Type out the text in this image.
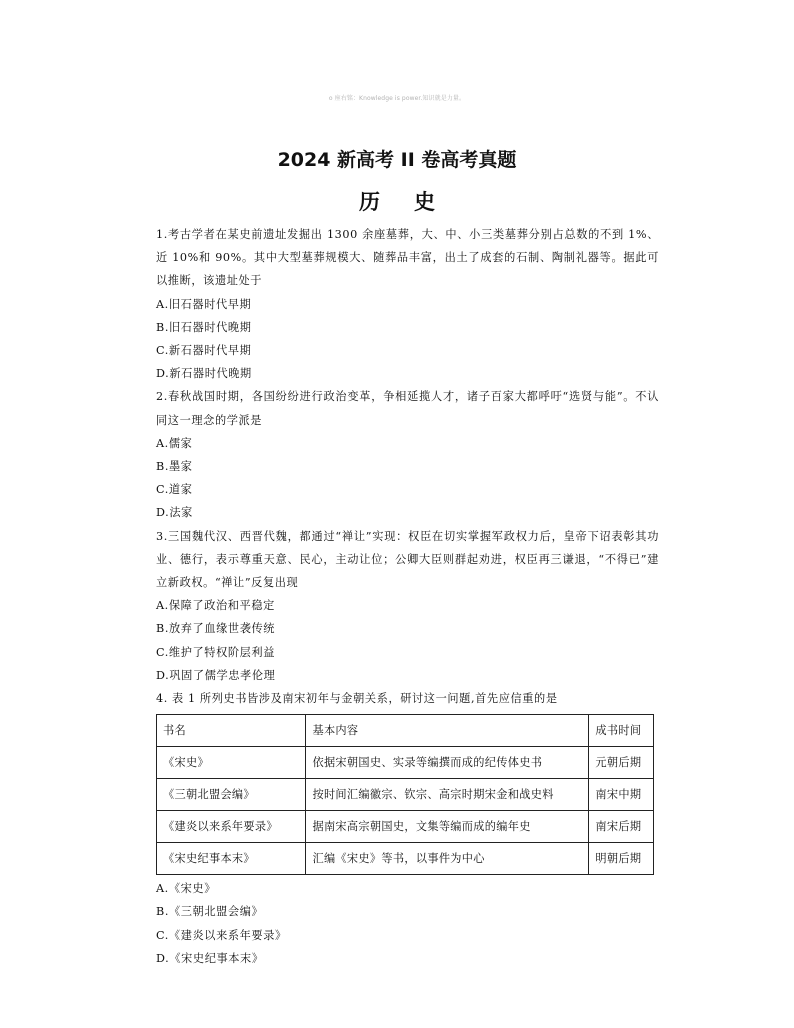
o 座右铭：Knowledge is power.知识就是力量。
2024 新高考 II 卷高考真题
历史

1.考古学者在某史前遗址发掘出 1300 余座墓葬，大、中、小三类墓葬分别占总数的不到 1%、近 10%和 90%。其中大型墓葬规模大、随葬品丰富，出土了成套的石制、陶制礼器等。据此可以推断，该遗址处于

A.旧石器时代早期

B.旧石器时代晚期

C.新石器时代早期

D.新石器时代晚期

2.春秋战国时期，各国纷纷进行政治变革，争相延揽人才，诸子百家大都呼吁“选贤与能”。不认同这一理念的学派是

A.儒家

B.墨家

C.道家

D.法家

3.三国魏代汉、西晋代魏，都通过“禅让”实现：权臣在切实掌握军政权力后，皇帝下诏表彰其功业、德行，表示尊重天意、民心，主动让位；公卿大臣则群起劝进，权臣再三谦退，“不得已”建立新政权。“禅让”反复出现

A.保障了政治和平稳定

B.放弃了血缘世袭传统

C.维护了特权阶层利益

D.巩固了儒学忠孝伦理

4. 表 1 所列史书皆涉及南宋初年与金朝关系，研讨这一问题,首先应信重的是

书名	基本内容	成书时间
《宋史》	依据宋朝国史、实录等编撰而成的纪传体史书	元朝后期
《三朝北盟会编》	按时间汇编徽宗、钦宗、高宗时期宋金和战史料	南宋中期
《建炎以来系年要录》	据南宋高宗朝国史，文集等编而成的编年史	南宋后期
《宋史纪事本末》	汇编《宋史》等书，以事件为中心	明朝后期

A.《宋史》

B.《三朝北盟会编》

C.《建炎以来系年要录》

D.《宋史纪事本末》
